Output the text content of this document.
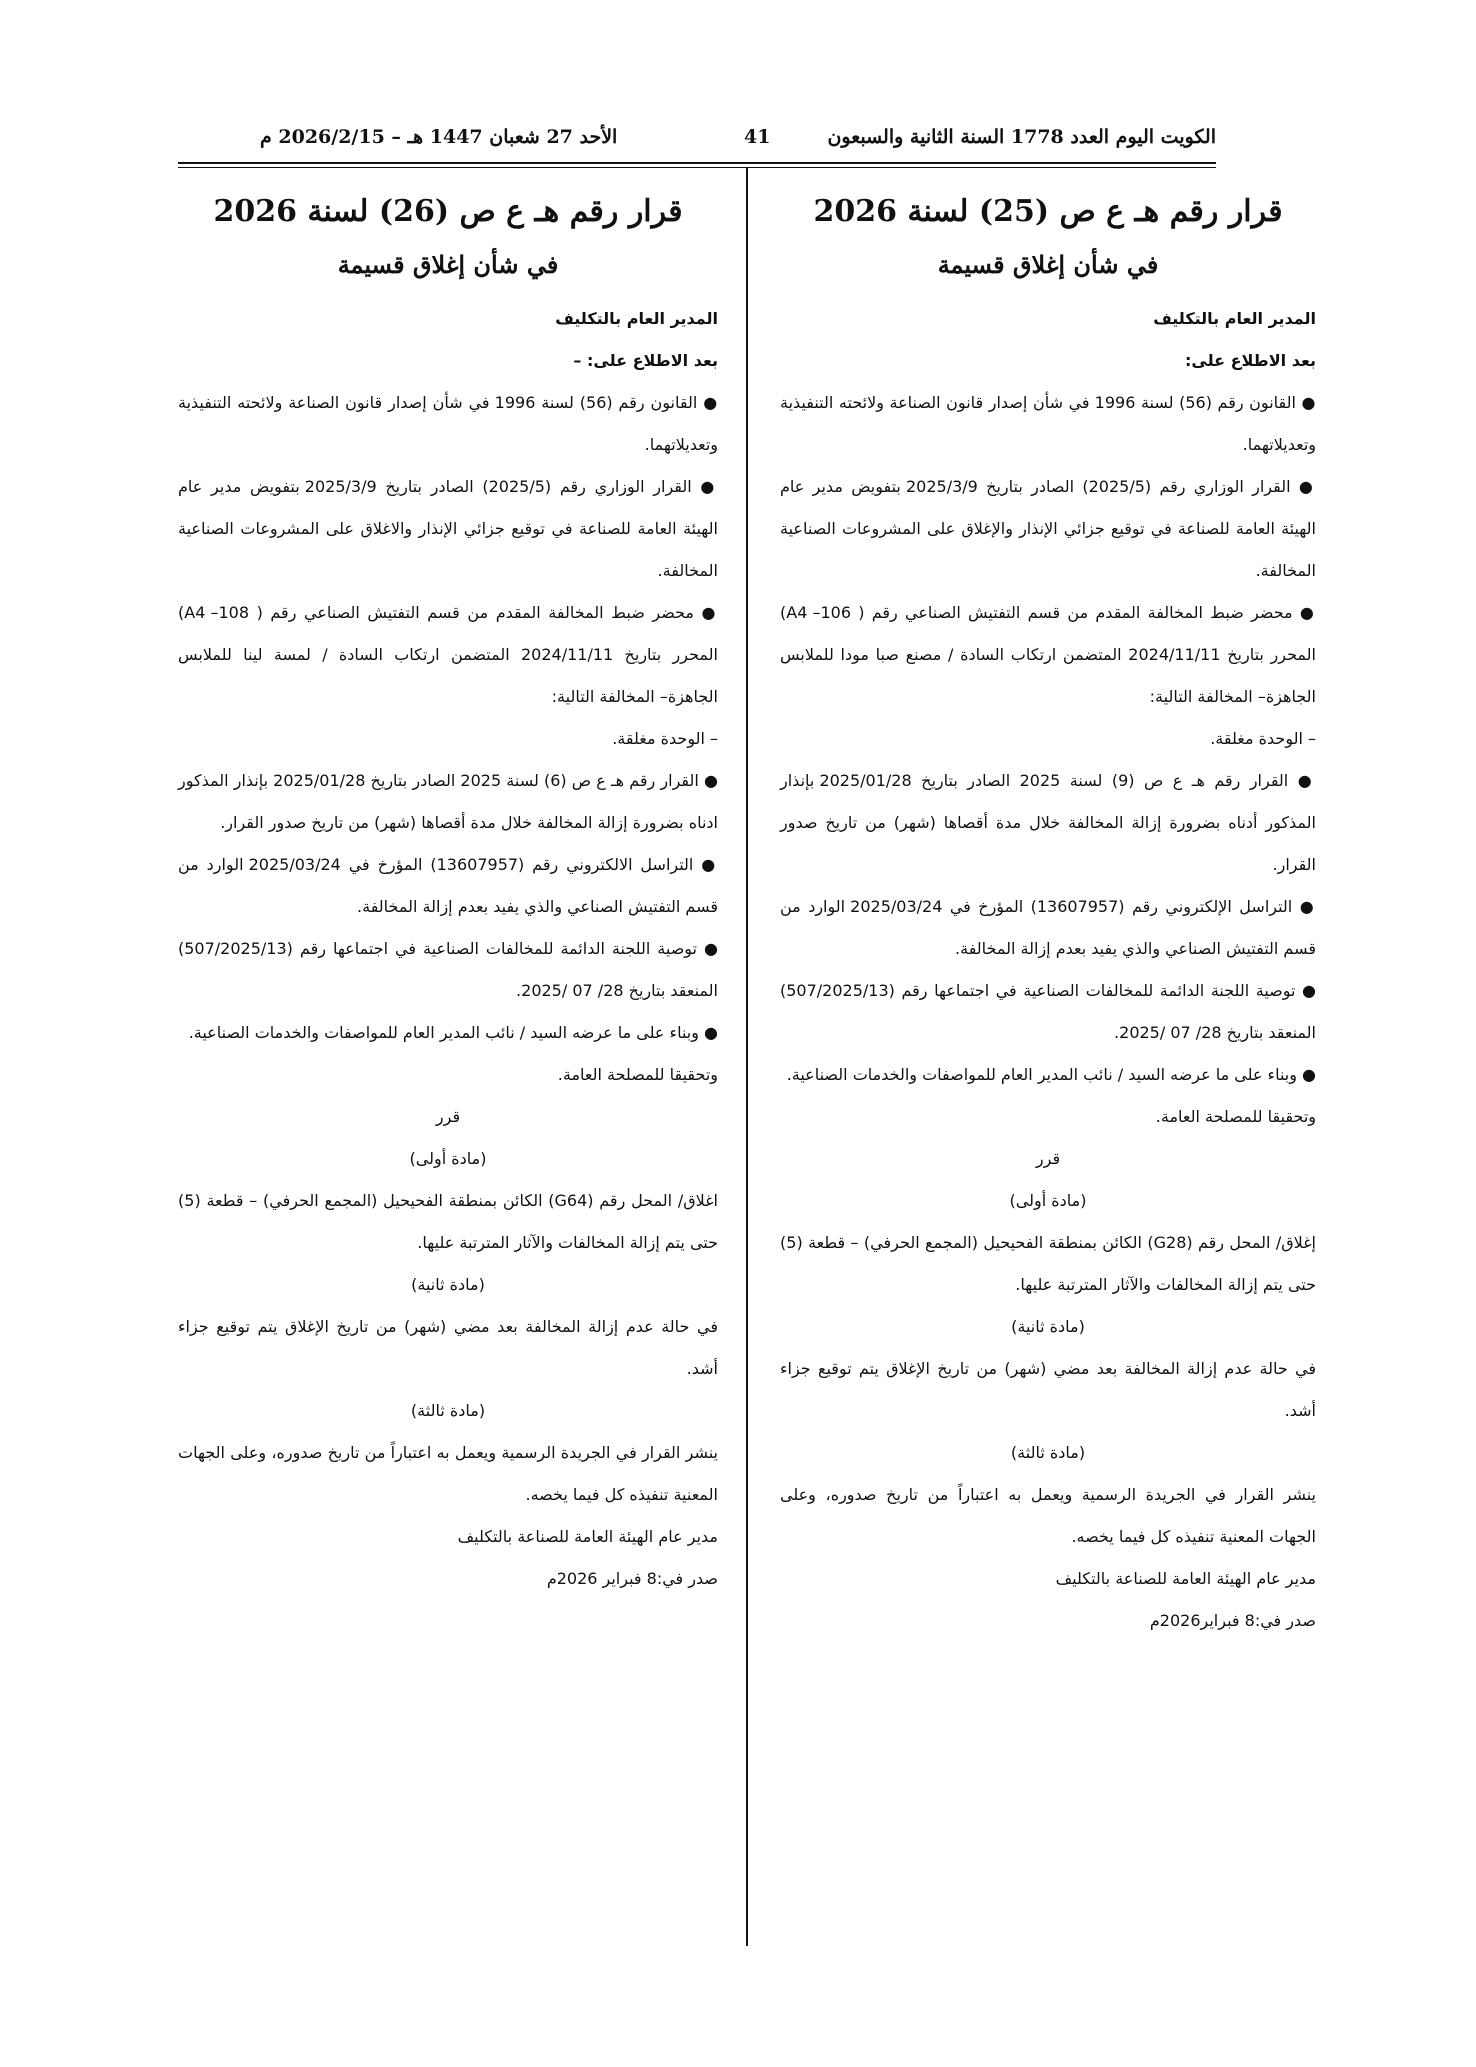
الكويت اليوم العدد 1778 السنة الثانية والسبعون
41
الأحد 27 شعبان 1447 هـ – 2026/2/15 م

قرار رقم هـ ع ص (25) لسنة 2026

في شأن إغلاق قسيمة

المدير العام بالتكليف

بعد الاطلاع على:

● القانون رقم (56) لسنة 1996 في شأن إصدار قانون الصناعة ولائحته التنفيذية وتعديلاتهما.

● القرار الوزاري رقم (2025/5) الصادر بتاريخ 2025/3/9 بتفويض مدير عام الهيئة العامة للصناعة في توقيع جزائي الإنذار والإغلاق على المشروعات الصناعية المخالفة.

● محضر ضبط المخالفة المقدم من قسم التفتيش الصناعي رقم ( A4 –106) المحرر بتاريخ 2024/11/11 المتضمن ارتكاب السادة / مصنع صبا مودا للملابس الجاهزة– المخالفة التالية:

– الوحدة مغلقة.

● القرار رقم هـ ع ص (9) لسنة 2025 الصادر بتاريخ 2025/01/28 بإنذار المذكور أدناه بضرورة إزالة المخالفة خلال مدة أقصاها (شهر) من تاريخ صدور القرار.

● التراسل الإلكتروني رقم (13607957) المؤرخ في 2025/03/24 الوارد من قسم التفتيش الصناعي والذي يفيد بعدم إزالة المخالفة.

● توصية اللجنة الدائمة للمخالفات الصناعية في اجتماعها رقم (507/2025/13) المنعقد بتاريخ 28/ 07 /2025.

● وبناء على ما عرضه السيد / نائب المدير العام للمواصفات والخدمات الصناعية.

وتحقيقا للمصلحة العامة.

قرر

(مادة أولى)

إغلاق/ المحل رقم (G28) الكائن بمنطقة الفحيحيل (المجمع الحرفي) – قطعة (5) حتى يتم إزالة المخالفات والآثار المترتبة عليها.

(مادة ثانية)

في حالة عدم إزالة المخالفة بعد مضي (شهر) من تاريخ الإغلاق يتم توقيع جزاء أشد.

(مادة ثالثة)

ينشر القرار في الجريدة الرسمية ويعمل به اعتباراً من تاريخ صدوره، وعلى الجهات المعنية تنفيذه كل فيما يخصه.

مدير عام الهيئة العامة للصناعة بالتكليف

صدر في:8 فبراير2026م

قرار رقم هـ ع ص (26) لسنة 2026

في شأن إغلاق قسيمة

المدير العام بالتكليف

بعد الاطلاع على: –

● القانون رقم (56) لسنة 1996 في شأن إصدار قانون الصناعة ولائحته التنفيذية وتعديلاتهما.

● القرار الوزاري رقم (2025/5) الصادر بتاريخ 2025/3/9 بتفويض مدير عام الهيئة العامة للصناعة في توقيع جزائي الإنذار والاغلاق على المشروعات الصناعية المخالفة.

● محضر ضبط المخالفة المقدم من قسم التفتيش الصناعي رقم ( A4 –108) المحرر بتاريخ 2024/11/11 المتضمن ارتكاب السادة / لمسة لينا للملابس الجاهزة– المخالفة التالية:

– الوحدة مغلقة.

● القرار رقم هـ ع ص (6) لسنة 2025 الصادر بتاريخ 2025/01/28 بإنذار المذكور ادناه بضرورة إزالة المخالفة خلال مدة أقصاها (شهر) من تاريخ صدور القرار.

● التراسل الالكتروني رقم (13607957) المؤرخ في 2025/03/24 الوارد من قسم التفتيش الصناعي والذي يفيد بعدم إزالة المخالفة.

● توصية اللجنة الدائمة للمخالفات الصناعية في اجتماعها رقم (507/2025/13) المنعقد بتاريخ 28/ 07 /2025.

● وبناء على ما عرضه السيد / نائب المدير العام للمواصفات والخدمات الصناعية.

وتحقيقا للمصلحة العامة.

قرر

(مادة أولى)

اغلاق/ المحل رقم (G64) الكائن بمنطقة الفحيحيل (المجمع الحرفي) – قطعة (5) حتى يتم إزالة المخالفات والآثار المترتبة عليها.

(مادة ثانية)

في حالة عدم إزالة المخالفة بعد مضي (شهر) من تاريخ الإغلاق يتم توقيع جزاء أشد.

(مادة ثالثة)

ينشر القرار في الجريدة الرسمية ويعمل به اعتباراً من تاريخ صدوره، وعلى الجهات المعنية تنفيذه كل فيما يخصه.

مدير عام الهيئة العامة للصناعة بالتكليف

صدر في:8 فبراير 2026م
